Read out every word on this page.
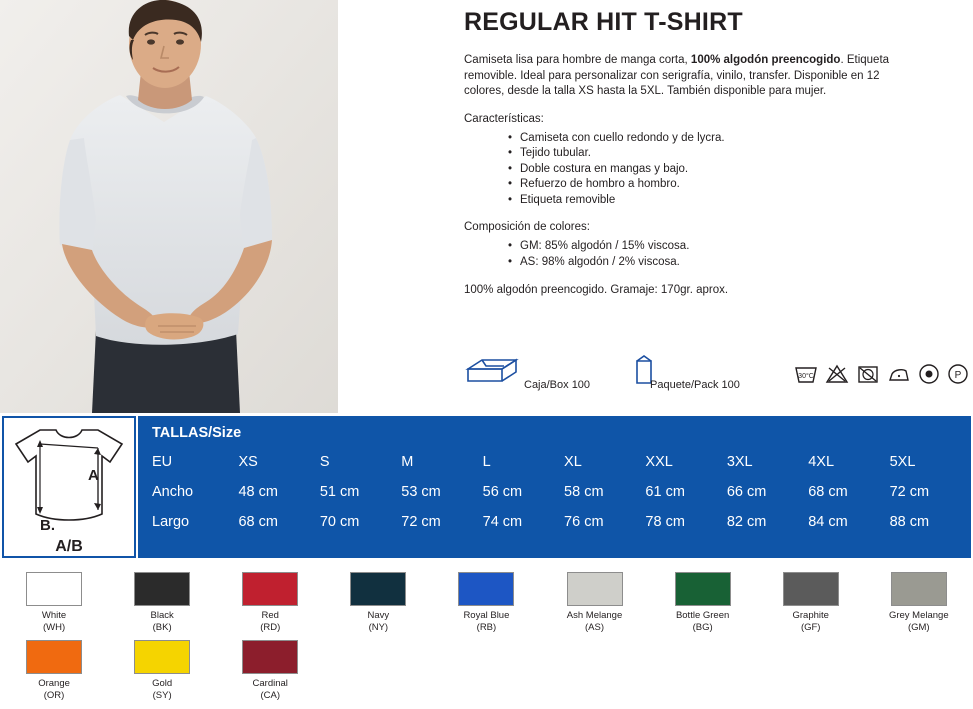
REGULAR HIT T-SHIRT

Camiseta lisa para hombre de manga corta, 100% algodón preencogido. Etiqueta removible. Ideal para personalizar con serigrafía, vinilo, transfer. Disponible en 12 colores, desde la talla XS hasta la 5XL. También disponible para mujer.

Características:

• Camiseta con cuello redondo y de lycra.
• Tejido tubular.
• Doble costura en mangas y bajo.
• Refuerzo de hombro a hombro.
• Etiqueta removible

Composición de colores:

• GM: 85% algodón / 15% viscosa.
• AS: 98% algodón / 2% viscosa.

100% algodón preencogido. Gramaje: 170gr. aprox.

Caja/Box 100	Paquete/Pack 100
30°C	P
A
B.
A/B
TALLAS/Size
EU	XS	S	M	L	XL	XXL	3XL	4XL	5XL
Ancho	48 cm	51 cm	53 cm	56 cm	58 cm	61 cm	66 cm	68 cm	72 cm
Largo	68 cm	70 cm	72 cm	74 cm	76 cm	78 cm	82 cm	84 cm	88 cm
White
(WH)
Black
(BK)
Red
(RD)
Navy
(NY)
Royal Blue
(RB)
Ash Melange
(AS)
Bottle Green
(BG)
Graphite
(GF)
Grey Melange
(GM)
Orange
(OR)
Gold
(SY)
Cardinal
(CA)
